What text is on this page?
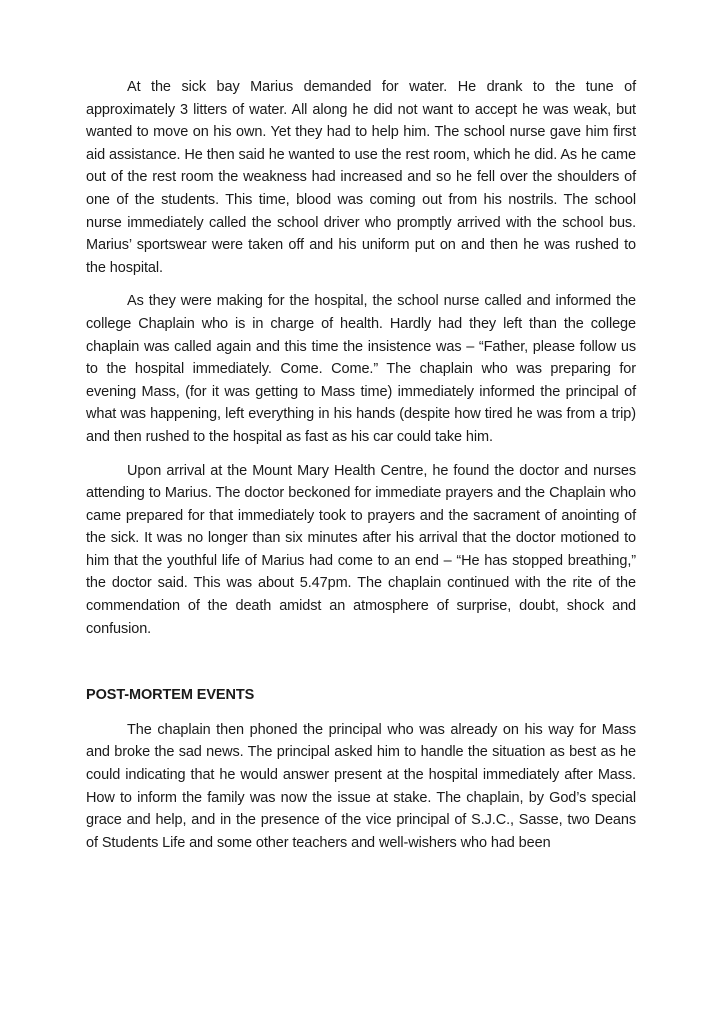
At the sick bay Marius demanded for water. He drank to the tune of approximately 3 litters of water. All along he did not want to accept he was weak, but wanted to move on his own. Yet they had to help him. The school nurse gave him first aid assistance. He then said he wanted to use the rest room, which he did. As he came out of the rest room the weakness had increased and so he fell over the shoulders of one of the students. This time, blood was coming out from his nostrils. The school nurse immediately called the school driver who promptly arrived with the school bus. Marius’ sportswear were taken off and his uniform put on and then he was rushed to the hospital.

As they were making for the hospital, the school nurse called and informed the college Chaplain who is in charge of health. Hardly had they left than the college chaplain was called again and this time the insistence was – “Father, please follow us to the hospital immediately. Come. Come.” The chaplain who was preparing for evening Mass, (for it was getting to Mass time) immediately informed the principal of what was happening, left everything in his hands (despite how tired he was from a trip) and then rushed to the hospital as fast as his car could take him.

Upon arrival at the Mount Mary Health Centre, he found the doctor and nurses attending to Marius. The doctor beckoned for immediate prayers and the Chaplain who came prepared for that immediately took to prayers and the sacrament of anointing of the sick. It was no longer than six minutes after his arrival that the doctor motioned to him that the youthful life of Marius had come to an end – “He has stopped breathing,” the doctor said. This was about 5.47pm. The chaplain continued with the rite of the commendation of the death amidst an atmosphere of surprise, doubt, shock and confusion.

POST-MORTEM EVENTS

The chaplain then phoned the principal who was already on his way for Mass and broke the sad news. The principal asked him to handle the situation as best as he could indicating that he would answer present at the hospital immediately after Mass. How to inform the family was now the issue at stake. The chaplain, by God’s special grace and help, and in the presence of the vice principal of S.J.C., Sasse, two Deans of Students Life and some other teachers and well-wishers who had been
